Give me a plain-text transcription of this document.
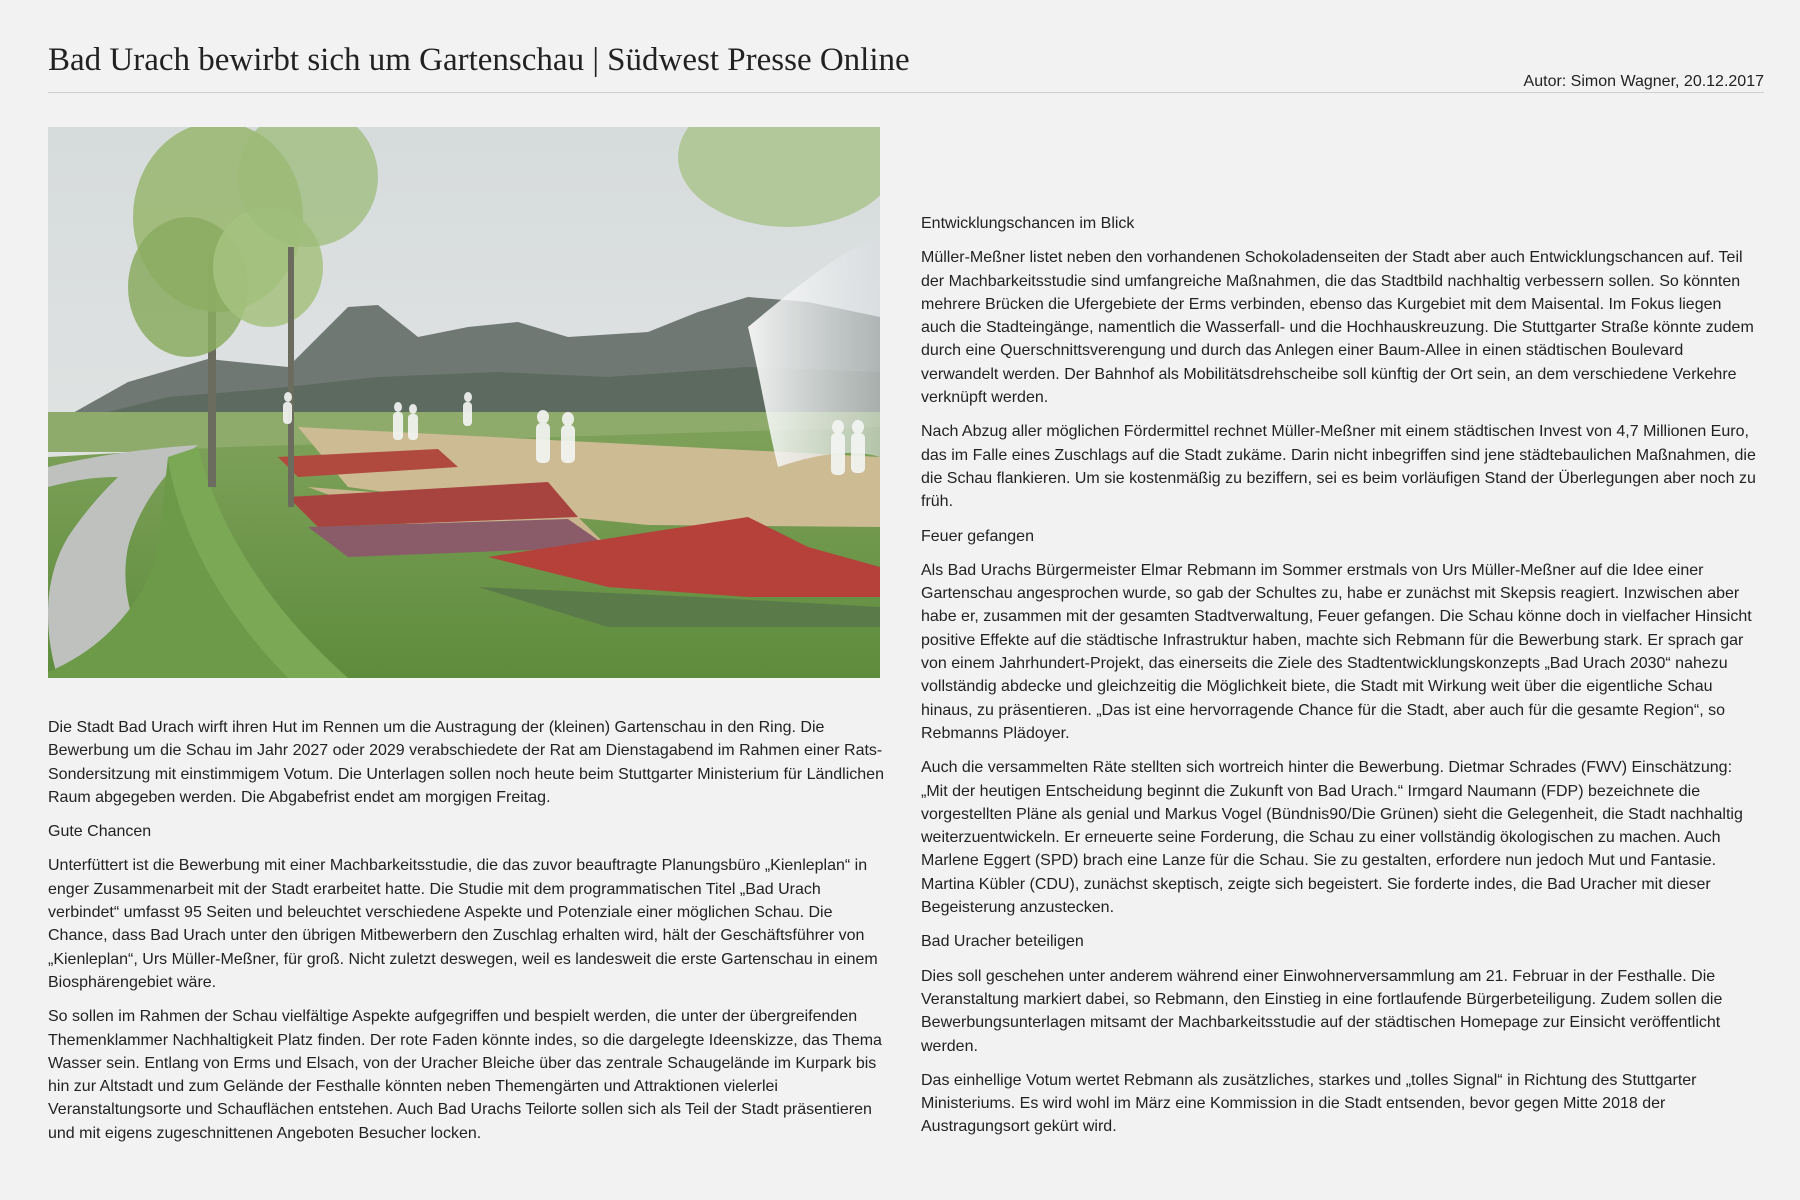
Bad Urach bewirbt sich um Gartenschau | Südwest Presse Online
Autor: Simon Wagner, 20.12.2017

Die Stadt Bad Urach wirft ihren Hut im Rennen um die Austragung der (kleinen) Gartenschau in den Ring. Die Bewerbung um die Schau im Jahr 2027 oder 2029 verabschiedete der Rat am Dienstagabend im Rahmen einer Rats-Sondersitzung mit einstimmigem Votum. Die Unterlagen sollen noch heute beim Stuttgarter Ministerium für Ländlichen Raum abgegeben werden. Die Abgabefrist endet am morgigen Freitag.

Gute Chancen

Unterfüttert ist die Bewerbung mit einer Machbarkeitsstudie, die das zuvor beauftragte Planungsbüro „Kienleplan“ in enger Zusammenarbeit mit der Stadt erarbeitet hatte. Die Studie mit dem programmatischen Titel „Bad Urach verbindet“ umfasst 95 Seiten und beleuchtet verschiedene Aspekte und Potenziale einer möglichen Schau. Die Chance, dass Bad Urach unter den übrigen Mitbewerbern den Zuschlag erhalten wird, hält der Geschäftsführer von „Kienleplan“, Urs Müller-Meßner, für groß. Nicht zuletzt deswegen, weil es landesweit die erste Gartenschau in einem Biosphärengebiet wäre.

So sollen im Rahmen der Schau vielfältige Aspekte aufgegriffen und bespielt werden, die unter der übergreifenden Themenklammer Nachhaltigkeit Platz finden. Der rote Faden könnte indes, so die dargelegte Ideenskizze, das Thema Wasser sein. Entlang von Erms und Elsach, von der Uracher Bleiche über das zentrale Schaugelände im Kurpark bis hin zur Altstadt und zum Gelände der Festhalle könnten neben Themengärten und Attraktionen vielerlei Veranstaltungsorte und Schauflächen entstehen. Auch Bad Urachs Teilorte sollen sich als Teil der Stadt präsentieren und mit eigens zugeschnittenen Angeboten Besucher locken.

Entwicklungschancen im Blick

Müller-Meßner listet neben den vorhandenen Schokoladenseiten der Stadt aber auch Entwicklungschancen auf. Teil der Machbarkeitsstudie sind umfangreiche Maßnahmen, die das Stadtbild nachhaltig verbessern sollen. So könnten mehrere Brücken die Ufergebiete der Erms verbinden, ebenso das Kurgebiet mit dem Maisental. Im Fokus liegen auch die Stadteingänge, namentlich die Wasserfall- und die Hochhauskreuzung. Die Stuttgarter Straße könnte zudem durch eine Querschnittsverengung und durch das Anlegen einer Baum-Allee in einen städtischen Boulevard verwandelt werden. Der Bahnhof als Mobilitätsdrehscheibe soll künftig der Ort sein, an dem verschiedene Verkehre verknüpft werden.

Nach Abzug aller möglichen Fördermittel rechnet Müller-Meßner mit einem städtischen Invest von 4,7 Millionen Euro, das im Falle eines Zuschlags auf die Stadt zukäme. Darin nicht inbegriffen sind jene städtebaulichen Maßnahmen, die die Schau flankieren. Um sie kostenmäßig zu beziffern, sei es beim vorläufigen Stand der Überlegungen aber noch zu früh.

Feuer gefangen

Als Bad Urachs Bürgermeister Elmar Rebmann im Sommer erstmals von Urs Müller-Meßner auf die Idee einer Gartenschau angesprochen wurde, so gab der Schultes zu, habe er zunächst mit Skepsis reagiert. Inzwischen aber habe er, zusammen mit der gesamten Stadtverwaltung, Feuer gefangen. Die Schau könne doch in vielfacher Hinsicht positive Effekte auf die städtische Infrastruktur haben, machte sich Rebmann für die Bewerbung stark. Er sprach gar von einem Jahrhundert-Projekt, das einerseits die Ziele des Stadtentwicklungskonzepts „Bad Urach 2030“ nahezu vollständig abdecke und gleichzeitig die Möglichkeit biete, die Stadt mit Wirkung weit über die eigentliche Schau hinaus, zu präsentieren. „Das ist eine hervorragende Chance für die Stadt, aber auch für die gesamte Region“, so Rebmanns Plädoyer.

Auch die versammelten Räte stellten sich wortreich hinter die Bewerbung. Dietmar Schrades (FWV) Einschätzung: „Mit der heutigen Entscheidung beginnt die Zukunft von Bad Urach.“ Irmgard Naumann (FDP) bezeichnete die vorgestellten Pläne als genial und Markus Vogel (Bündnis90/Die Grünen) sieht die Gelegenheit, die Stadt nachhaltig weiterzuentwickeln. Er erneuerte seine Forderung, die Schau zu einer vollständig ökologischen zu machen. Auch Marlene Eggert (SPD) brach eine Lanze für die Schau. Sie zu gestalten, erfordere nun jedoch Mut und Fantasie. Martina Kübler (CDU), zunächst skeptisch, zeigte sich begeistert. Sie forderte indes, die Bad Uracher mit dieser Begeisterung anzustecken.

Bad Uracher beteiligen

Dies soll geschehen unter anderem während einer Einwohnerversammlung am 21. Februar in der Festhalle. Die Veranstaltung markiert dabei, so Rebmann, den Einstieg in eine fortlaufende Bürgerbeteiligung. Zudem sollen die Bewerbungsunterlagen mitsamt der Machbarkeitsstudie auf der städtischen Homepage zur Einsicht veröffentlicht werden.

Das einhellige Votum wertet Rebmann als zusätzliches, starkes und „tolles Signal“ in Richtung des Stuttgarter Ministeriums. Es wird wohl im März eine Kommission in die Stadt entsenden, bevor gegen Mitte 2018 der Austragungsort gekürt wird.
